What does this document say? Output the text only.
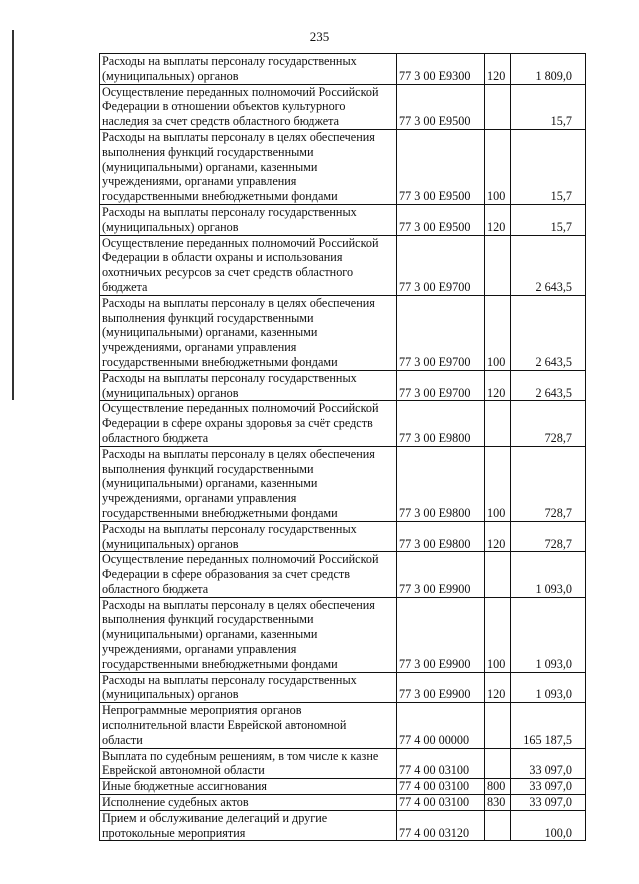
235
Расходы на выплаты персоналу государственных
(муниципальных) органов	77 3 00 Е9300	120	1 809,0
Осуществление переданных полномочий Российской
Федерации в отношении объектов культурного
наследия за счет средств областного бюджета	77 3 00 Е9500		15,7
Расходы на выплаты персоналу в целях обеспечения
выполнения функций государственными
(муниципальными) органами, казенными
учреждениями, органами управления
государственными внебюджетными фондами	77 3 00 Е9500	100	15,7
Расходы на выплаты персоналу государственных
(муниципальных) органов	77 3 00 Е9500	120	15,7
Осуществление переданных полномочий Российской
Федерации в области охраны и использования
охотничьих ресурсов за счет средств областного
бюджета	77 3 00 Е9700		2 643,5
Расходы на выплаты персоналу в целях обеспечения
выполнения функций государственными
(муниципальными) органами, казенными
учреждениями, органами управления
государственными внебюджетными фондами	77 3 00 Е9700	100	2 643,5
Расходы на выплаты персоналу государственных
(муниципальных) органов	77 3 00 Е9700	120	2 643,5
Осуществление переданных полномочий Российской
Федерации в сфере охраны здоровья за счёт средств
областного бюджета	77 3 00 Е9800		728,7
Расходы на выплаты персоналу в целях обеспечения
выполнения функций государственными
(муниципальными) органами, казенными
учреждениями, органами управления
государственными внебюджетными фондами	77 3 00 Е9800	100	728,7
Расходы на выплаты персоналу государственных
(муниципальных) органов	77 3 00 Е9800	120	728,7
Осуществление переданных полномочий Российской
Федерации в сфере образования за счет средств
областного бюджета	77 3 00 Е9900		1 093,0
Расходы на выплаты персоналу в целях обеспечения
выполнения функций государственными
(муниципальными) органами, казенными
учреждениями, органами управления
государственными внебюджетными фондами	77 3 00 Е9900	100	1 093,0
Расходы на выплаты персоналу государственных
(муниципальных) органов	77 3 00 Е9900	120	1 093,0
Непрограммные мероприятия органов
исполнительной власти Еврейской автономной
области	77 4 00 00000		165 187,5
Выплата по судебным решениям, в том числе к казне
Еврейской автономной области	77 4 00 03100		33 097,0
Иные бюджетные ассигнования	77 4 00 03100	800	33 097,0
Исполнение судебных актов	77 4 00 03100	830	33 097,0
Прием и обслуживание делегаций и другие
протокольные мероприятия	77 4 00 03120		100,0
